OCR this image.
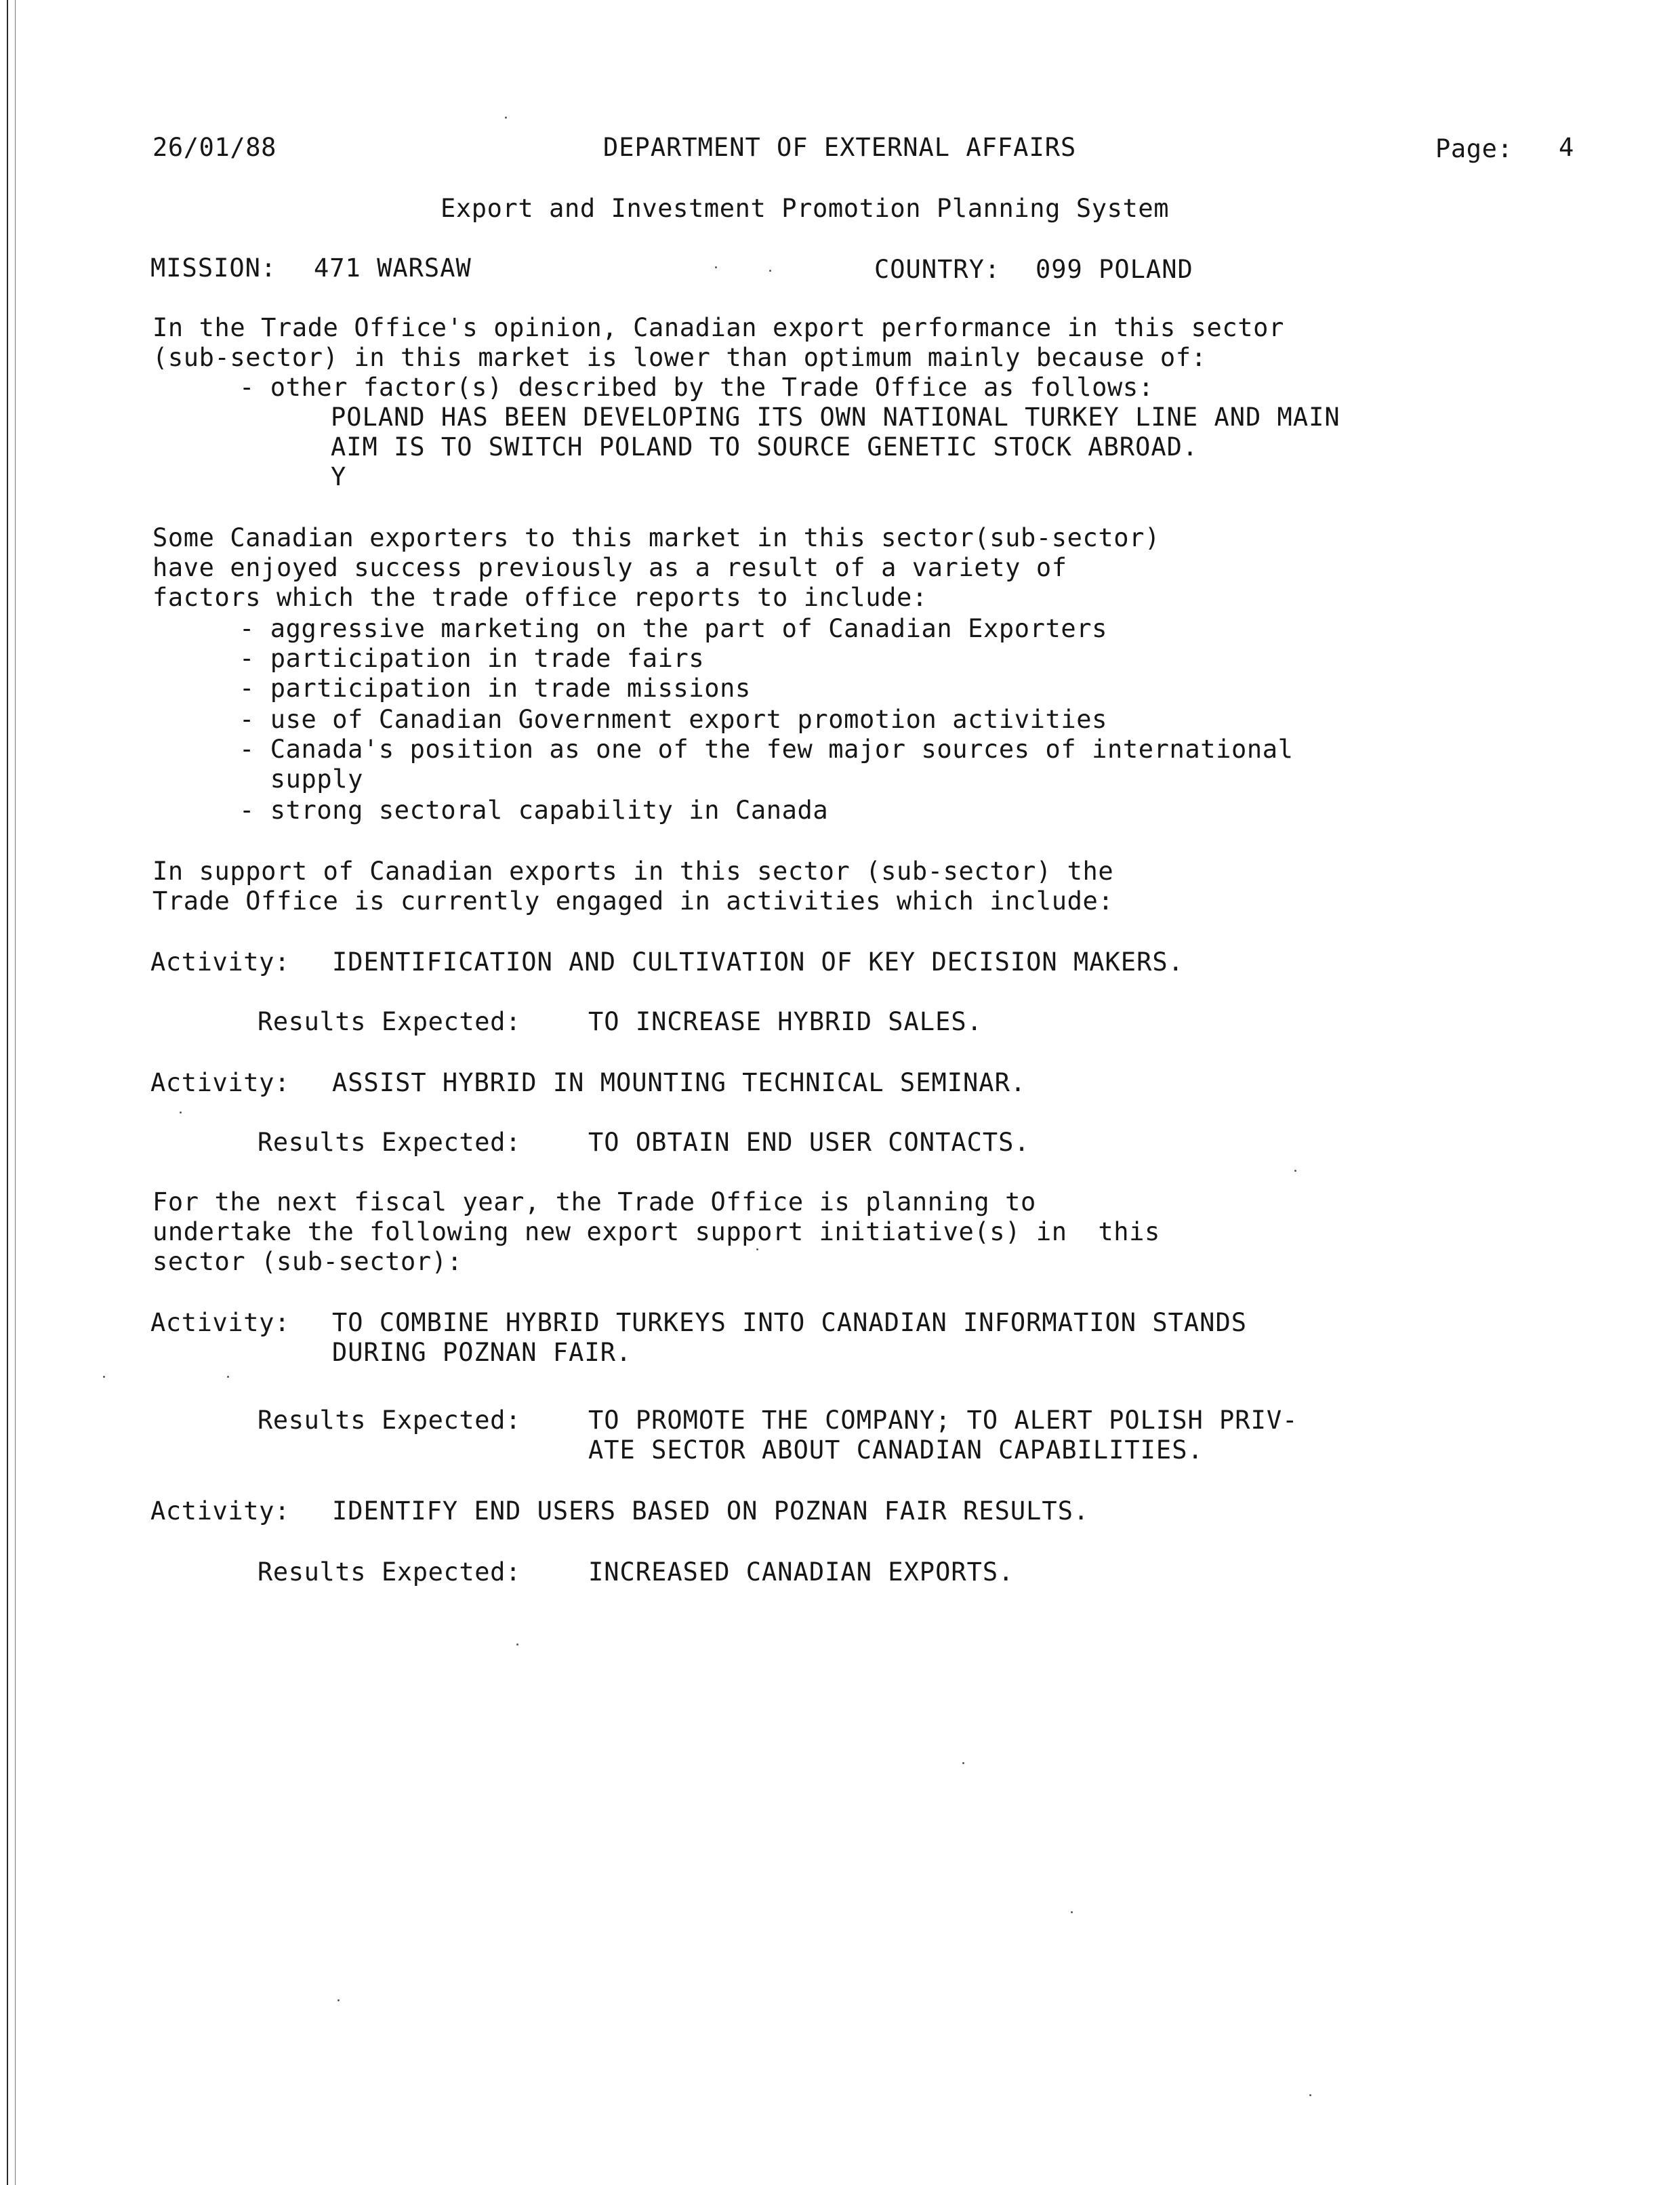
26/01/88	DEPARTMENT OF EXTERNAL AFFAIRS	Page: 4
Export and Investment Promotion Planning System
MISSION: 471 WARSAW	COUNTRY: 099 POLAND
In the Trade Office's opinion, Canadian export performance in this sector
(sub-sector) in this market is lower than optimum mainly because of:
- other factor(s) described by the Trade Office as follows:
POLAND HAS BEEN DEVELOPING ITS OWN NATIONAL TURKEY LINE AND MAIN
AIM IS TO SWITCH POLAND TO SOURCE GENETIC STOCK ABROAD.
Y
Some Canadian exporters to this market in this sector(sub-sector)
have enjoyed success previously as a result of a variety of
factors which the trade office reports to include:
- aggressive marketing on the part of Canadian Exporters
- participation in trade fairs
- participation in trade missions
- use of Canadian Government export promotion activities
- Canada's position as one of the few major sources of international
supply
- strong sectoral capability in Canada
In support of Canadian exports in this sector (sub-sector) the
Trade Office is currently engaged in activities which include:
Activity: IDENTIFICATION AND CULTIVATION OF KEY DECISION MAKERS.
Results Expected:	TO INCREASE HYBRID SALES.
Activity: ASSIST HYBRID IN MOUNTING TECHNICAL SEMINAR.
Results Expected:	TO OBTAIN END USER CONTACTS.
For the next fiscal year, the Trade Office is planning to
undertake the following new export support initiative(s) in  this
sector (sub-sector):
Activity: TO COMBINE HYBRID TURKEYS INTO CANADIAN INFORMATION STANDS
DURING POZNAN FAIR.
Results Expected:	TO PROMOTE THE COMPANY; TO ALERT POLISH PRIV-
ATE SECTOR ABOUT CANADIAN CAPABILITIES.
Activity: IDENTIFY END USERS BASED ON POZNAN FAIR RESULTS.
Results Expected:	INCREASED CANADIAN EXPORTS.
